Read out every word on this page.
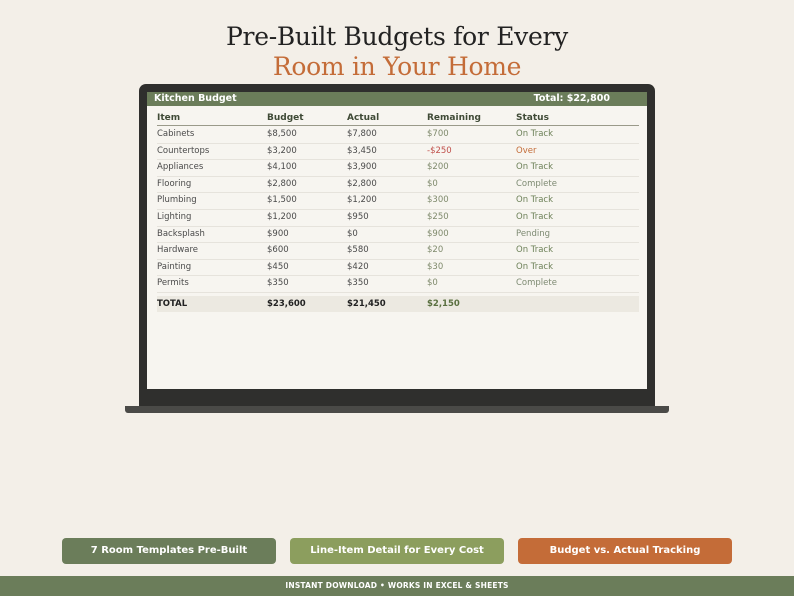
Pre-Built Budgets for Every
Room in Your Home
Kitchen Budget	Total: $22,800
Item	Budget	Actual	Remaining	Status
Cabinets	$8,500	$7,800	$700	On Track
Countertops	$3,200	$3,450	-$250	Over
Appliances	$4,100	$3,900	$200	On Track
Flooring	$2,800	$2,800	$0	Complete
Plumbing	$1,500	$1,200	$300	On Track
Lighting	$1,200	$950	$250	On Track
Backsplash	$900	$0	$900	Pending
Hardware	$600	$580	$20	On Track
Painting	$450	$420	$30	On Track
Permits	$350	$350	$0	Complete
TOTAL	$23,600	$21,450	$2,150
7 Room Templates Pre-Built	Line-Item Detail for Every Cost	Budget vs. Actual Tracking
INSTANT DOWNLOAD • WORKS IN EXCEL & SHEETS
